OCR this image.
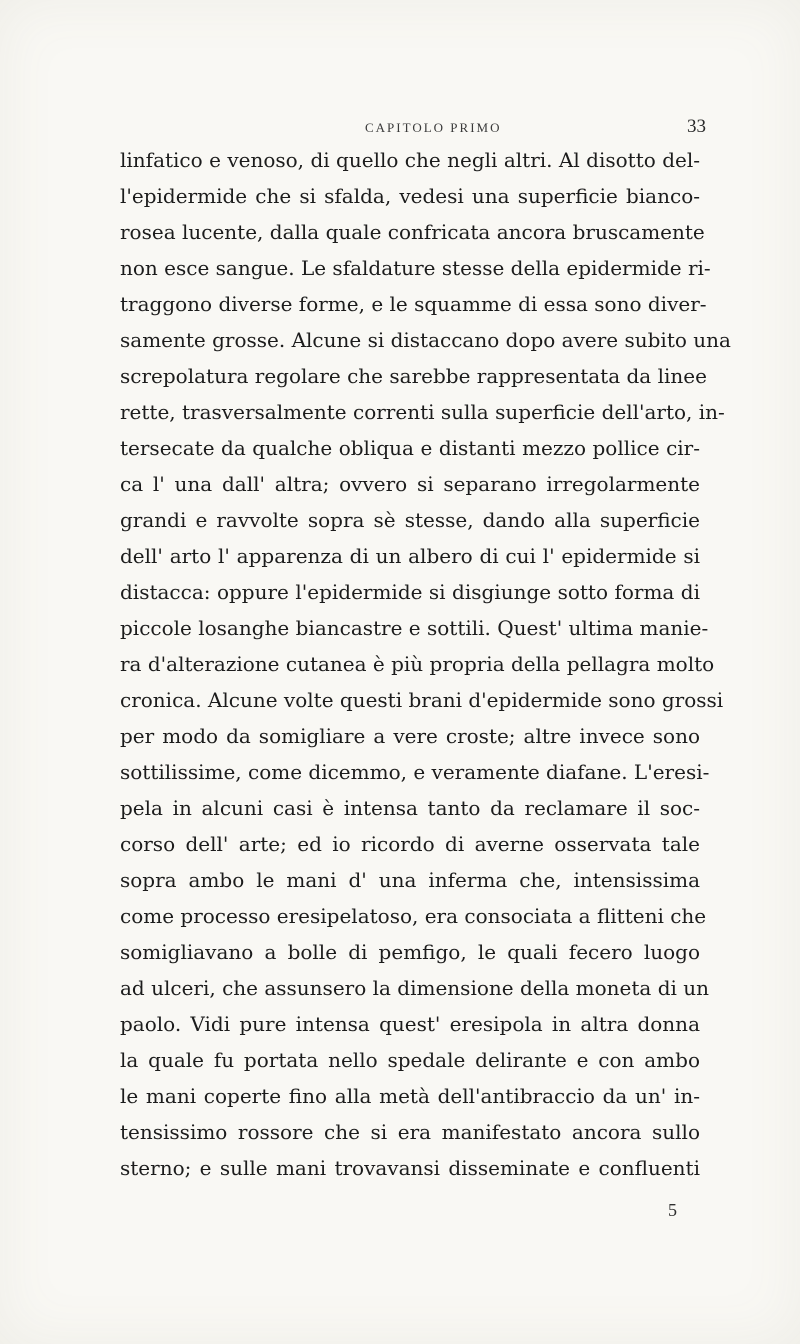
CAPITOLO PRIMO	33
linfatico e venoso, di quello che negli altri. Al disotto del-
l'epidermide che si sfalda, vedesi una superficie bianco-
rosea lucente, dalla quale confricata ancora bruscamente
non esce sangue. Le sfaldature stesse della epidermide ri-
traggono diverse forme, e le squamme di essa sono diver-
samente grosse. Alcune si distaccano dopo avere subito una
screpolatura regolare che sarebbe rappresentata da linee
rette, trasversalmente correnti sulla superficie dell'arto, in-
tersecate da qualche obliqua e distanti mezzo pollice cir-
ca l' una dall' altra; ovvero si separano irregolarmente
grandi e ravvolte sopra sè stesse, dando alla superficie
dell' arto l' apparenza di un albero di cui l' epidermide si
distacca: oppure l'epidermide si disgiunge sotto forma di
piccole losanghe biancastre e sottili. Quest' ultima manie-
ra d'alterazione cutanea è più propria della pellagra molto
cronica. Alcune volte questi brani d'epidermide sono grossi
per modo da somigliare a vere croste; altre invece sono
sottilissime, come dicemmo, e veramente diafane. L'eresi-
pela in alcuni casi è intensa tanto da reclamare il soc-
corso dell' arte; ed io ricordo di averne osservata tale
sopra ambo le mani d' una inferma che, intensissima
come processo eresipelatoso, era consociata a flitteni che
somigliavano a bolle di pemfigo, le quali fecero luogo
ad ulceri, che assunsero la dimensione della moneta di un
paolo. Vidi pure intensa quest' eresipola in altra donna
la quale fu portata nello spedale delirante e con ambo
le mani coperte fino alla metà dell'antibraccio da un' in-
tensissimo rossore che si era manifestato ancora sullo
sterno; e sulle mani trovavansi disseminate e confluenti
5
